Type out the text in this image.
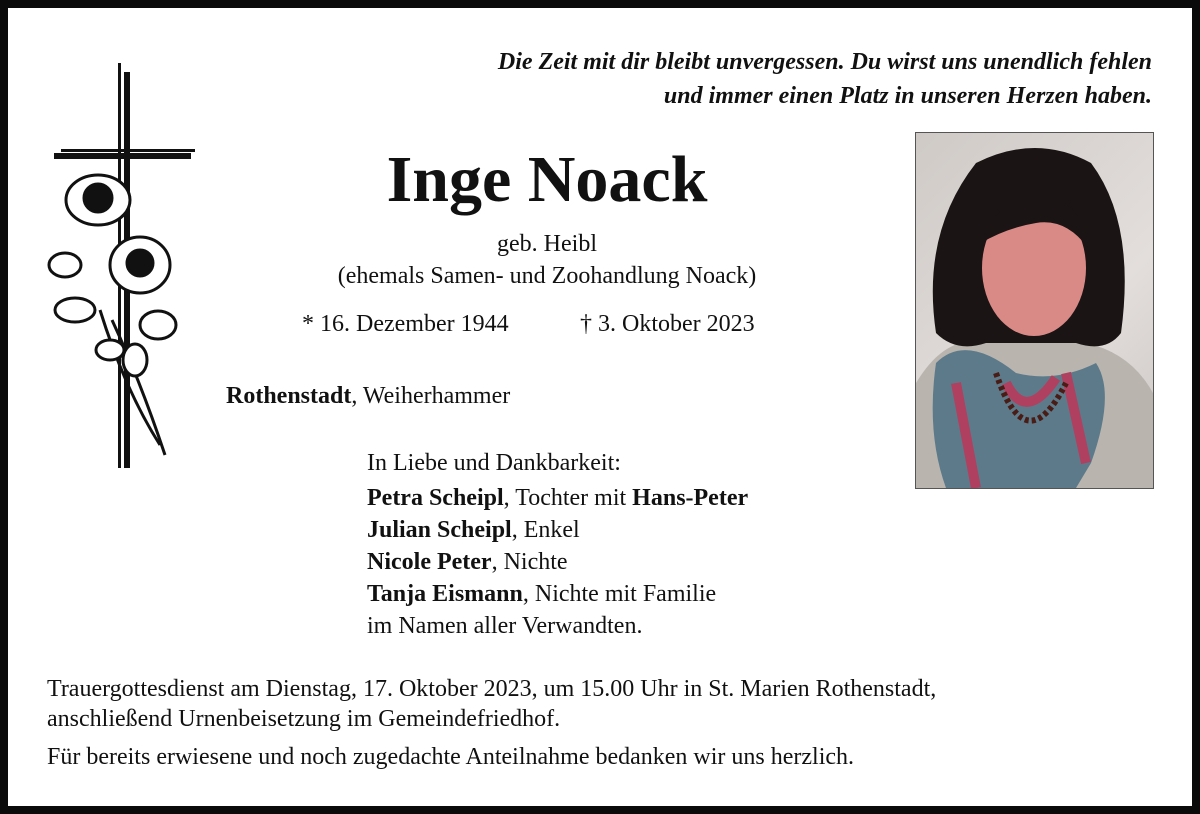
Die Zeit mit dir bleibt unvergessen. Du wirst uns unendlich fehlen
und immer einen Platz in unseren Herzen haben.
Inge Noack
geb. Heibl
(ehemals Samen- und Zoohandlung Noack)
* 16. Dezember 1944	† 3. Oktober 2023
Rothenstadt, Weiherhammer
In Liebe und Dankbarkeit:
Petra Scheipl, Tochter mit Hans-Peter
Julian Scheipl, Enkel
Nicole Peter, Nichte
Tanja Eismann, Nichte mit Familie
im Namen aller Verwandten.
Trauergottesdienst am Dienstag, 17. Oktober 2023, um 15.00 Uhr in St. Marien Rothenstadt,
anschließend Urnenbeisetzung im Gemeindefriedhof.
Für bereits erwiesene und noch zugedachte Anteilnahme bedanken wir uns herzlich.
